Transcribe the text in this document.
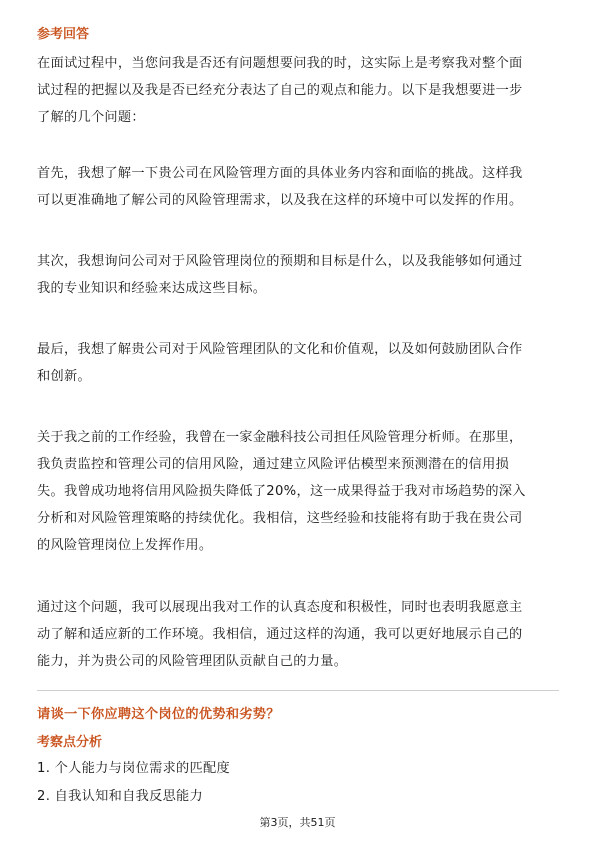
参考回答
在面试过程中，当您问我是否还有问题想要问我的时，这实际上是考察我对整个面
试过程的把握以及我是否已经充分表达了自己的观点和能力。以下是我想要进一步
了解的几个问题：
首先，我想了解一下贵公司在风险管理方面的具体业务内容和面临的挑战。这样我
可以更准确地了解公司的风险管理需求，以及我在这样的环境中可以发挥的作用。
其次，我想询问公司对于风险管理岗位的预期和目标是什么，以及我能够如何通过
我的专业知识和经验来达成这些目标。
最后，我想了解贵公司对于风险管理团队的文化和价值观，以及如何鼓励团队合作
和创新。
关于我之前的工作经验，我曾在一家金融科技公司担任风险管理分析师。在那里，
我负责监控和管理公司的信用风险，通过建立风险评估模型来预测潜在的信用损
失。我曾成功地将信用风险损失降低了20%，这一成果得益于我对市场趋势的深入
分析和对风险管理策略的持续优化。我相信，这些经验和技能将有助于我在贵公司
的风险管理岗位上发挥作用。
通过这个问题，我可以展现出我对工作的认真态度和积极性，同时也表明我愿意主
动了解和适应新的工作环境。我相信，通过这样的沟通，我可以更好地展示自己的
能力，并为贵公司的风险管理团队贡献自己的力量。
请谈一下你应聘这个岗位的优势和劣势？
考察点分析
1. 个人能力与岗位需求的匹配度
2. 自我认知和自我反思能力
第3页，共51页
